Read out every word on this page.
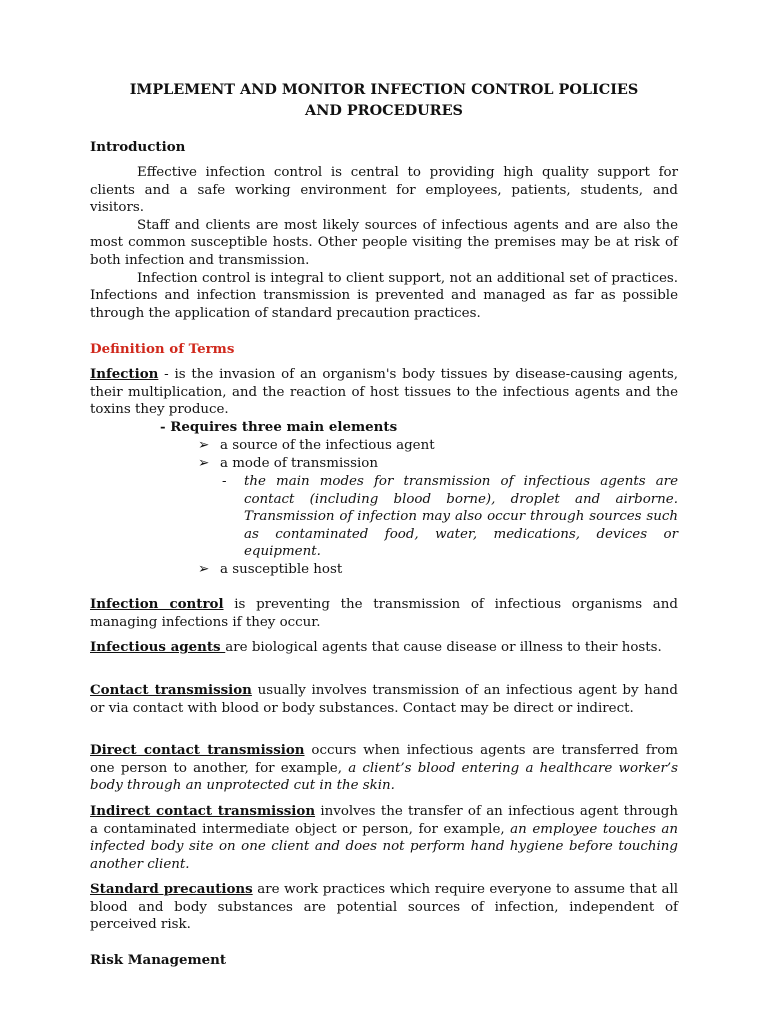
IMPLEMENT AND MONITOR INFECTION CONTROL POLICIES
AND PROCEDURES
Introduction

Effective infection control is central to providing high quality support for clients and a safe working environment for employees, patients, students, and visitors.

Staff and clients are most likely sources of infectious agents and are also the most common susceptible hosts. Other people visiting the premises may be at risk of both infection and transmission.

Infection control is integral to client support, not an additional set of practices. Infections and infection transmission is prevented and managed as far as possible through the application of standard precaution practices.

Definition of Terms
Infection - is the invasion of an organism's body tissues by disease-causing agents, their multiplication, and the reaction of host tissues to the infectious agents and the toxins they produce.
- Requires three main elements
➢ a source of the infectious agent
➢ a mode of transmission
- the main modes for transmission of infectious agents are contact (including blood borne), droplet and airborne. Transmission of infection may also occur through sources such as contaminated food, water, medications, devices or equipment.
➢ a susceptible host
Infection control is preventing the transmission of infectious organisms and managing infections if they occur.
Infectious agents are biological agents that cause disease or illness to their hosts.
Contact transmission usually involves transmission of an infectious agent by hand or via contact with blood or body substances. Contact may be direct or indirect.
Direct contact transmission occurs when infectious agents are transferred from one person to another, for example, a client’s blood entering a healthcare worker’s body through an unprotected cut in the skin.
Indirect contact transmission involves the transfer of an infectious agent through a contaminated intermediate object or person, for example, an employee touches an infected body site on one client and does not perform hand hygiene before touching another client.
Standard precautions are work practices which require everyone to assume that all blood and body substances are potential sources of infection, independent of perceived risk.
Risk Management
